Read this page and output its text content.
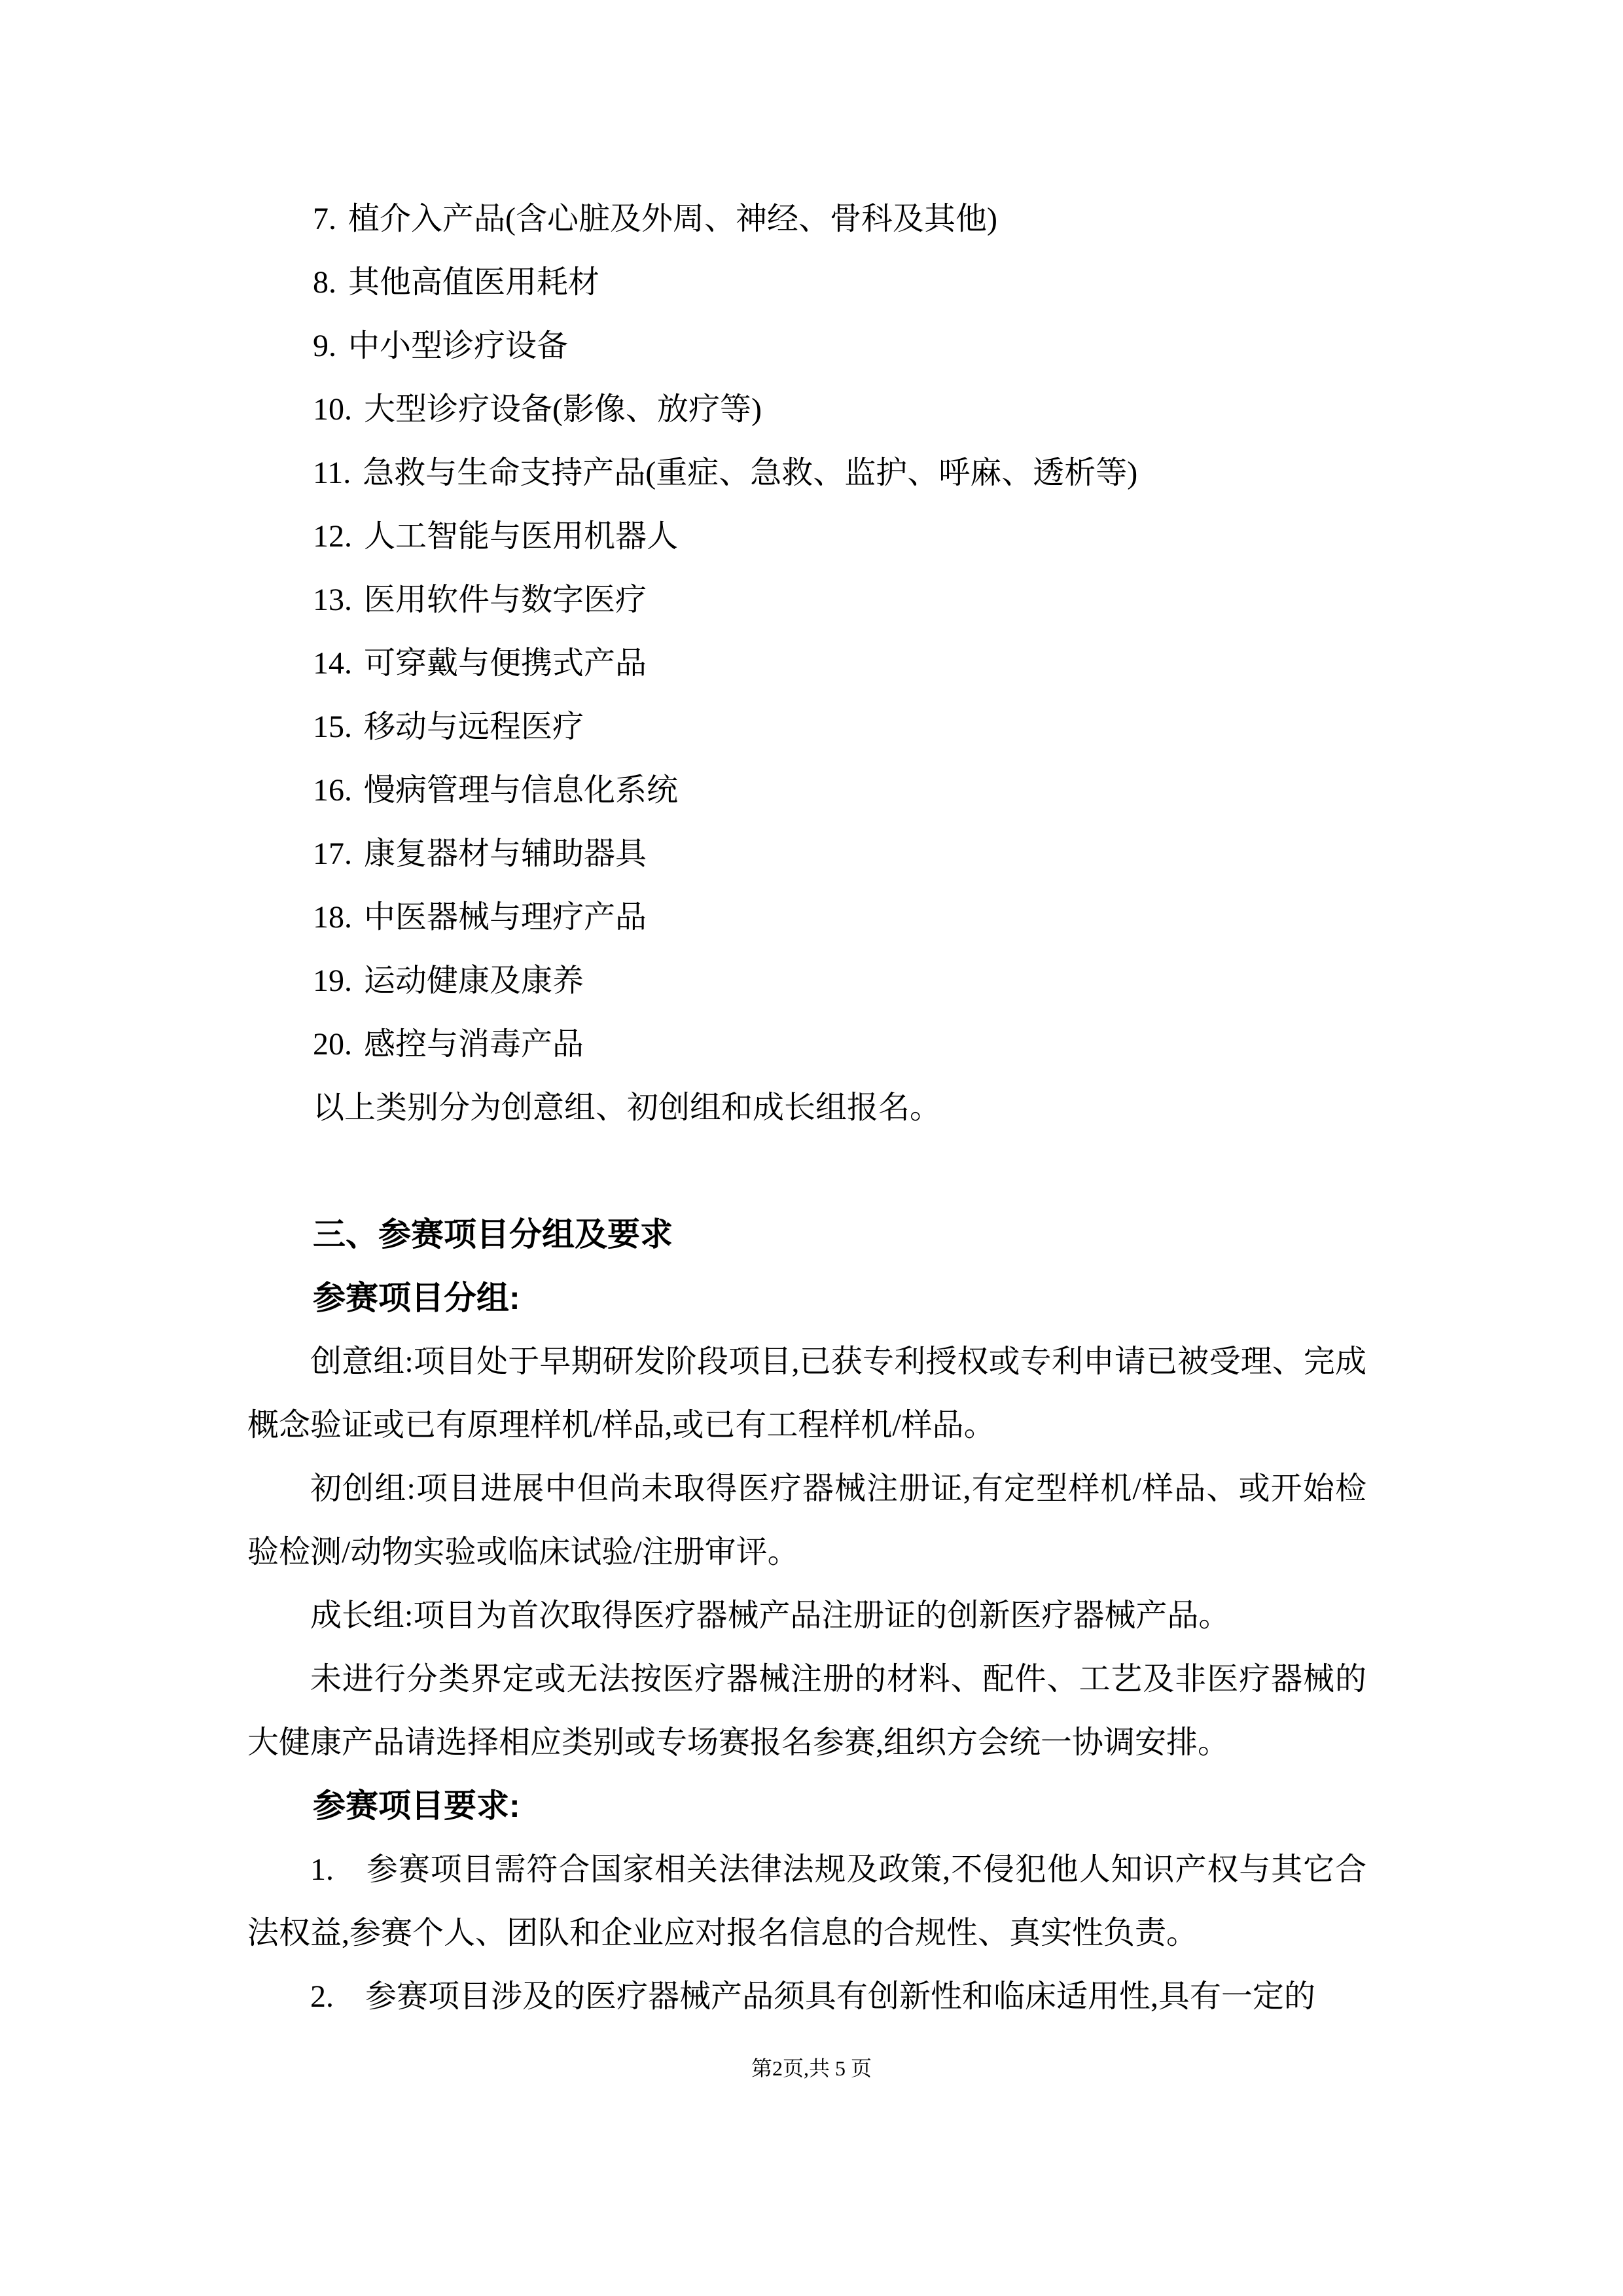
7. 植介入产品(含心脏及外周、神经、骨科及其他)
8. 其他高值医用耗材
9. 中小型诊疗设备
10. 大型诊疗设备(影像、放疗等)
11. 急救与生命支持产品(重症、急救、监护、呼麻、透析等)
12. 人工智能与医用机器人
13. 医用软件与数字医疗
14. 可穿戴与便携式产品
15. 移动与远程医疗
16. 慢病管理与信息化系统
17. 康复器材与辅助器具
18. 中医器械与理疗产品
19. 运动健康及康养
20. 感控与消毒产品
以上类别分为创意组、初创组和成长组报名。
三、参赛项目分组及要求
参赛项目分组:

创意组:项目处于早期研发阶段项目,已获专利授权或专利申请已被受理、完成概念验证或已有原理样机/样品,或已有工程样机/样品。

初创组:项目进展中但尚未取得医疗器械注册证,有定型样机/样品、或开始检验检测/动物实验或临床试验/注册审评。

成长组:项目为首次取得医疗器械产品注册证的创新医疗器械产品。

未进行分类界定或无法按医疗器械注册的材料、配件、工艺及非医疗器械的大健康产品请选择相应类别或专场赛报名参赛,组织方会统一协调安排。

参赛项目要求:

1.　参赛项目需符合国家相关法律法规及政策,不侵犯他人知识产权与其它合法权益,参赛个人、团队和企业应对报名信息的合规性、真实性负责。

2.　参赛项目涉及的医疗器械产品须具有创新性和临床适用性,具有一定的

第2页,共 5 页
